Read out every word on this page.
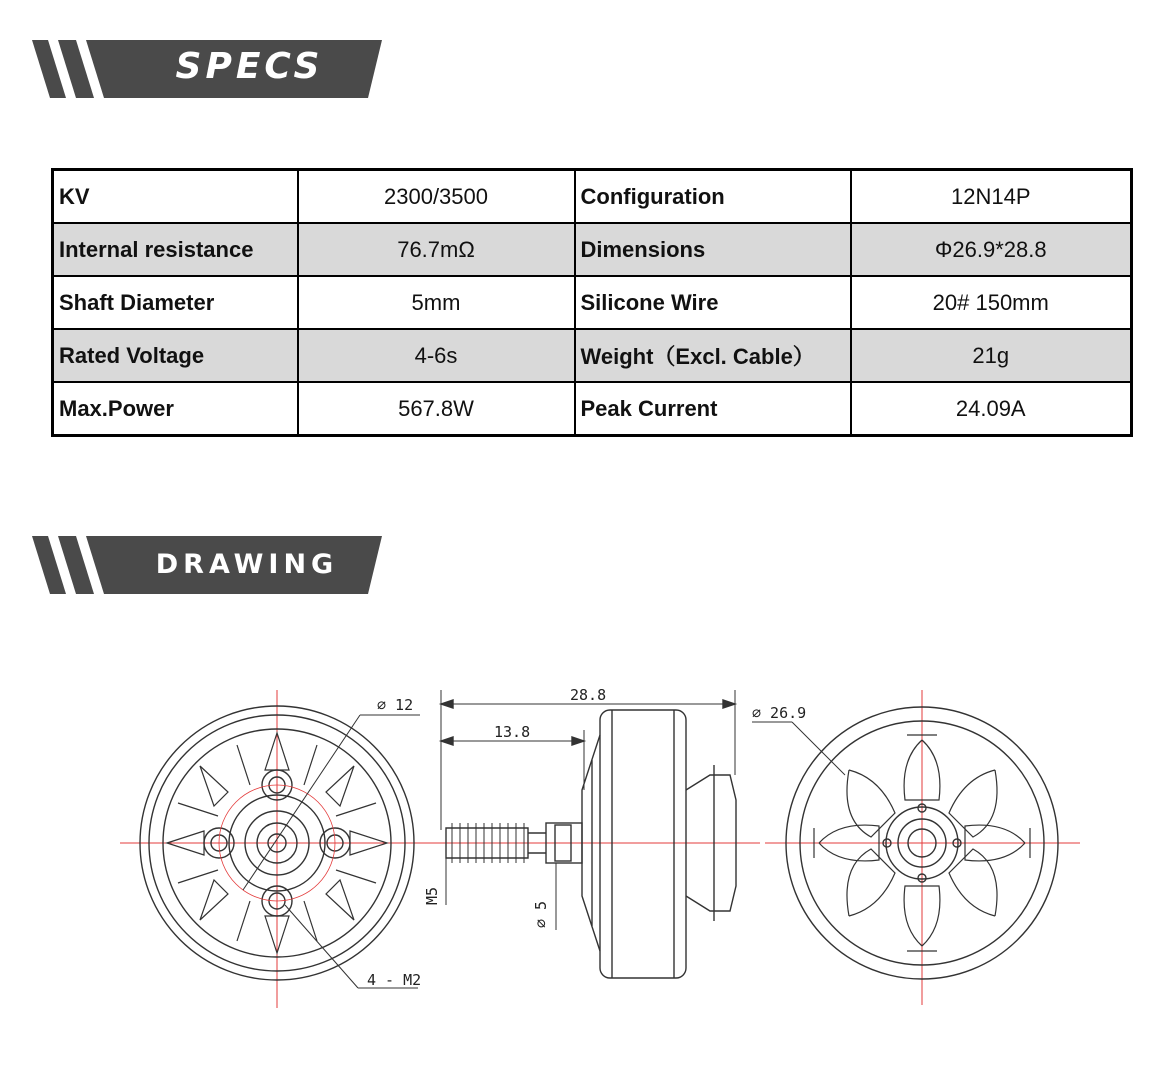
SPECS
KV	2300/3500	Configuration	12N14P
Internal resistance	76.7mΩ	Dimensions	Φ26.9*28.8
Shaft Diameter	5mm	Silicone Wire	20# 150mm
Rated Voltage	4-6s	Weight（Excl. Cable）	21g
Max.Power	567.8W	Peak Current	24.09A
DRAWING
∅ 12
4 - M2
28.8
13.8
M5
∅ 5
∅ 26.9
